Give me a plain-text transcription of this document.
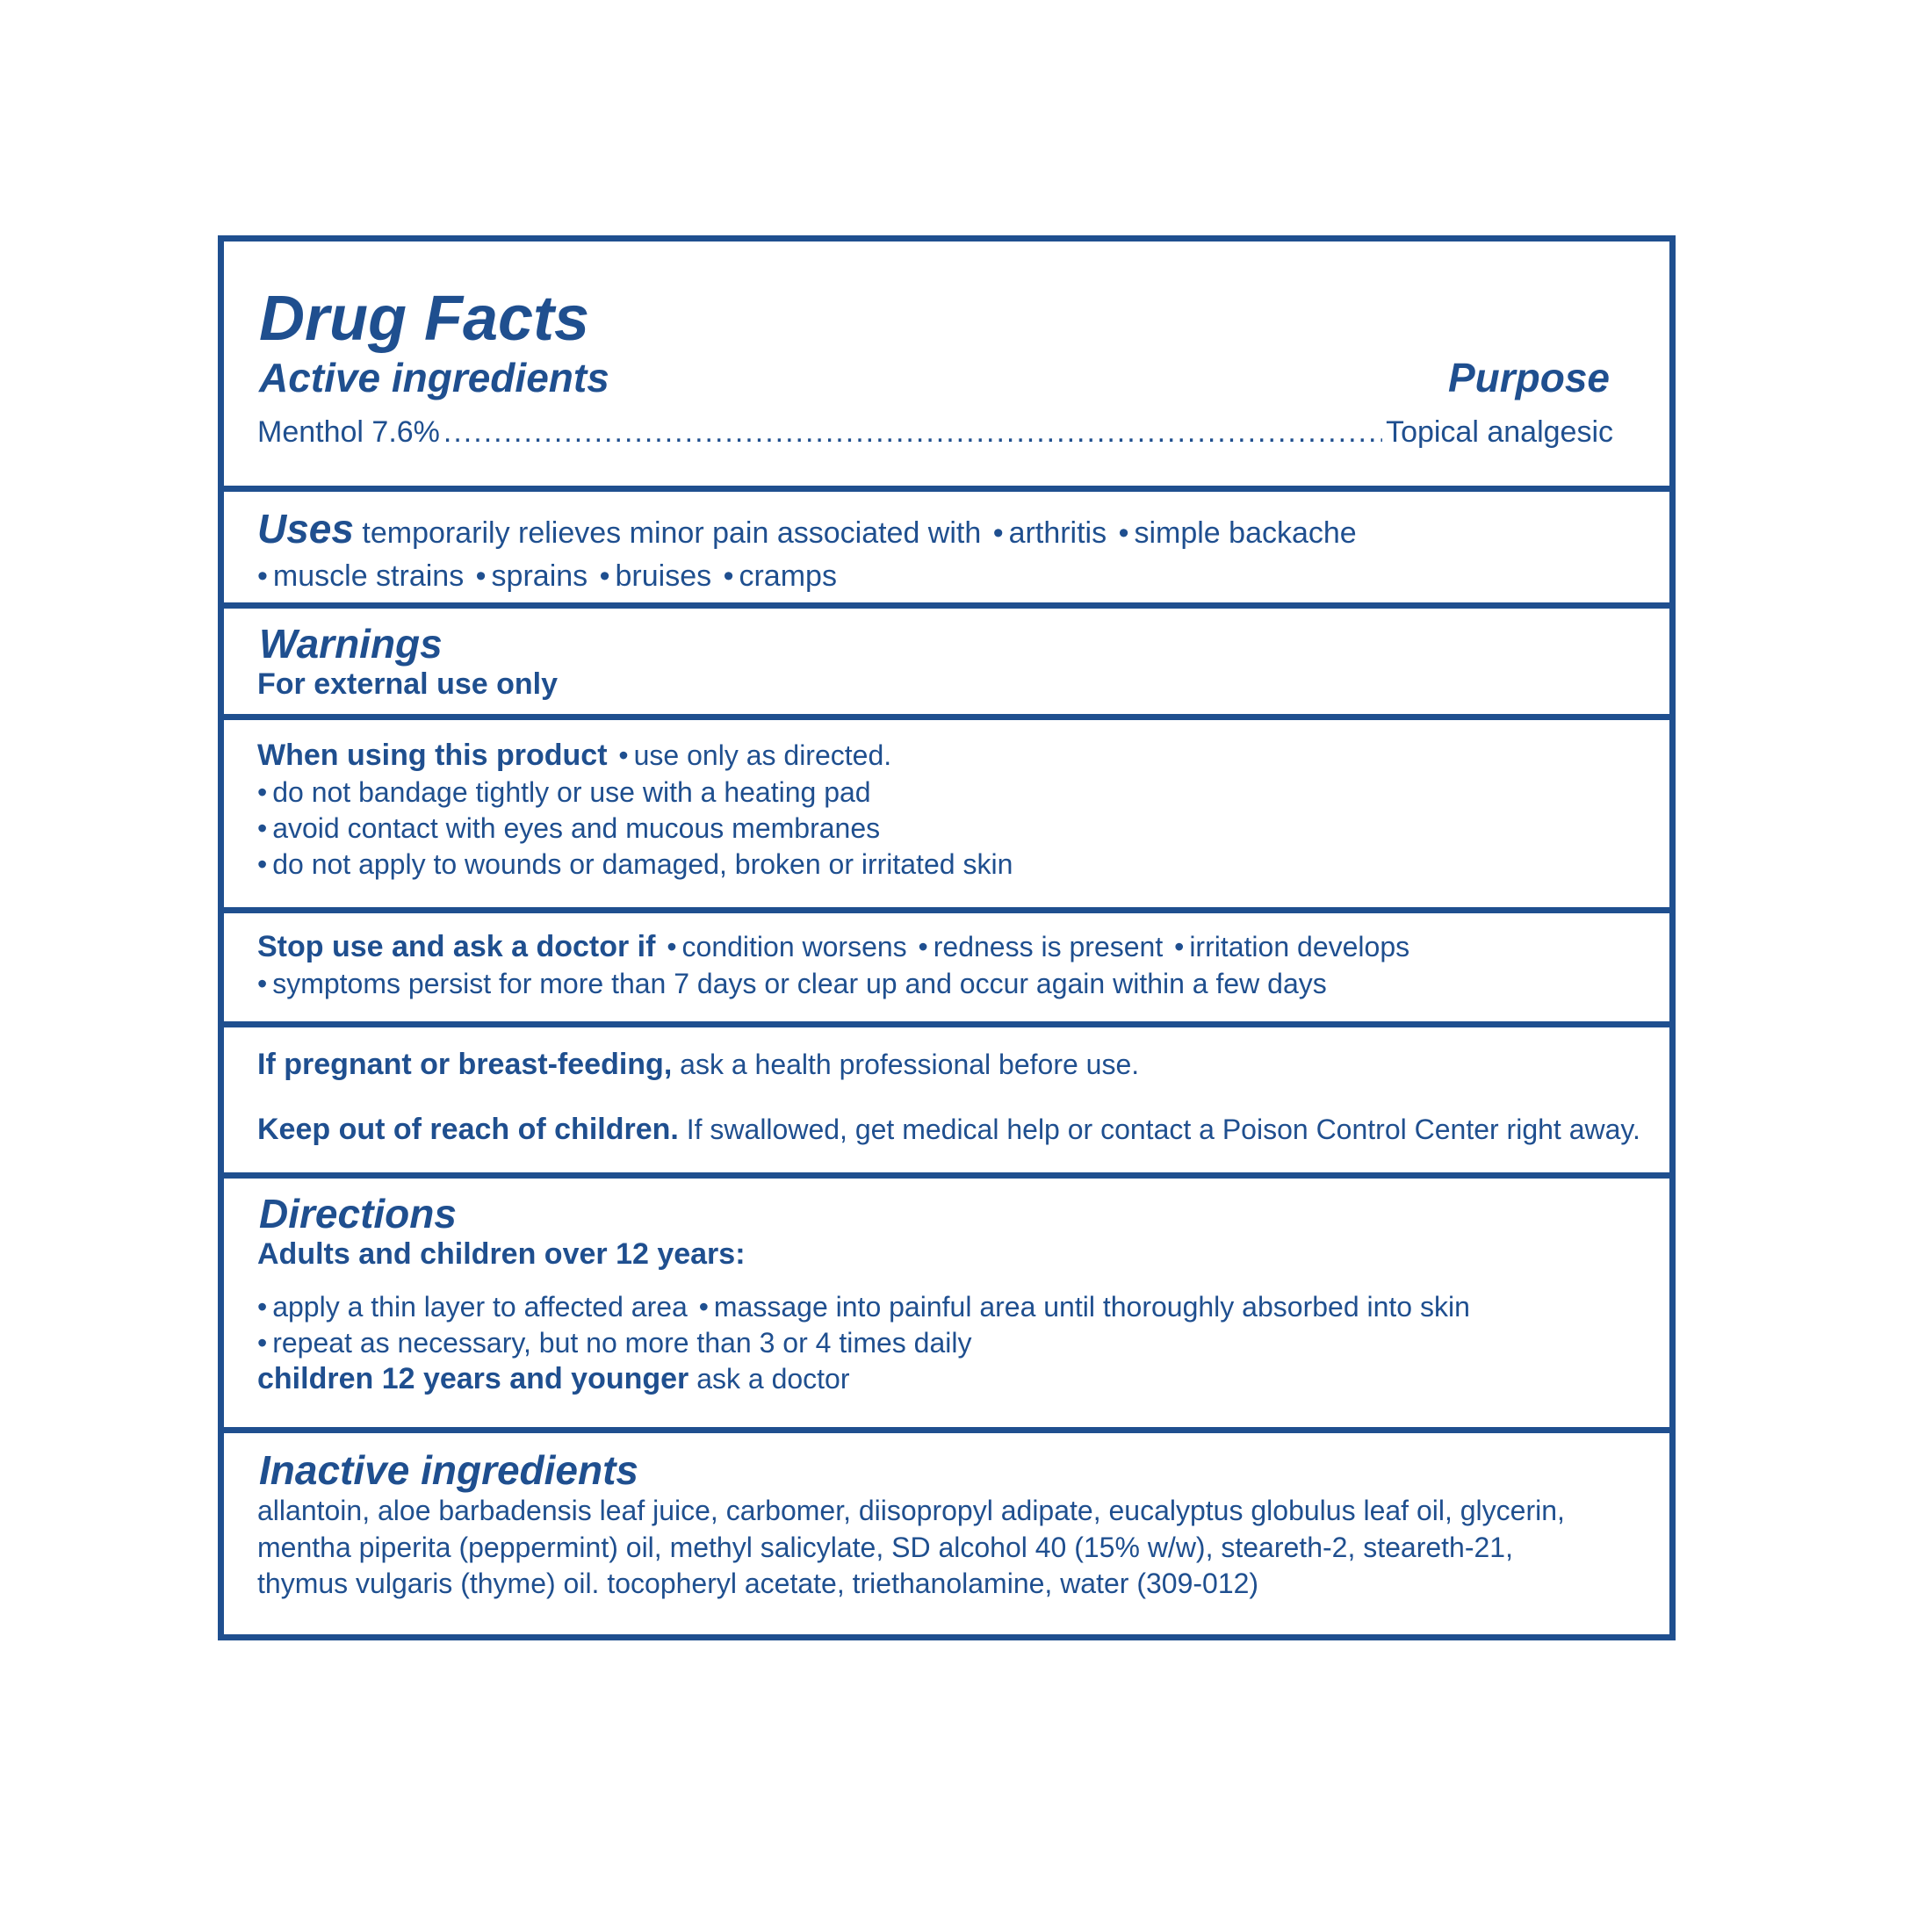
Drug Facts
Active ingredients	Purpose
Menthol 7.6%
.....	Topical analgesic
Uses temporarily relieves minor pain associated with • arthritis • simple backache
• muscle strains • sprains • bruises • cramps
Warnings
For external use only
When using this product • use only as directed.
• do not bandage tightly or use with a heating pad
• avoid contact with eyes and mucous membranes
• do not apply to wounds or damaged, broken or irritated skin
Stop use and ask a doctor if • condition worsens • redness is present • irritation develops
• symptoms persist for more than 7 days or clear up and occur again within a few days
If pregnant or breast-feeding, ask a health professional before use.
Keep out of reach of children. If swallowed, get medical help or contact a Poison Control Center right away.
Directions
Adults and children over 12 years:
• apply a thin layer to affected area • massage into painful area until thoroughly absorbed into skin
• repeat as necessary, but no more than 3 or 4 times daily
children 12 years and younger ask a doctor
Inactive ingredients
allantoin, aloe barbadensis leaf juice, carbomer, diisopropyl adipate, eucalyptus globulus leaf oil, glycerin,
mentha piperita (peppermint) oil, methyl salicylate, SD alcohol 40 (15% w/w), steareth-2, steareth-21,
thymus vulgaris (thyme) oil. tocopheryl acetate, triethanolamine, water (309-012)
